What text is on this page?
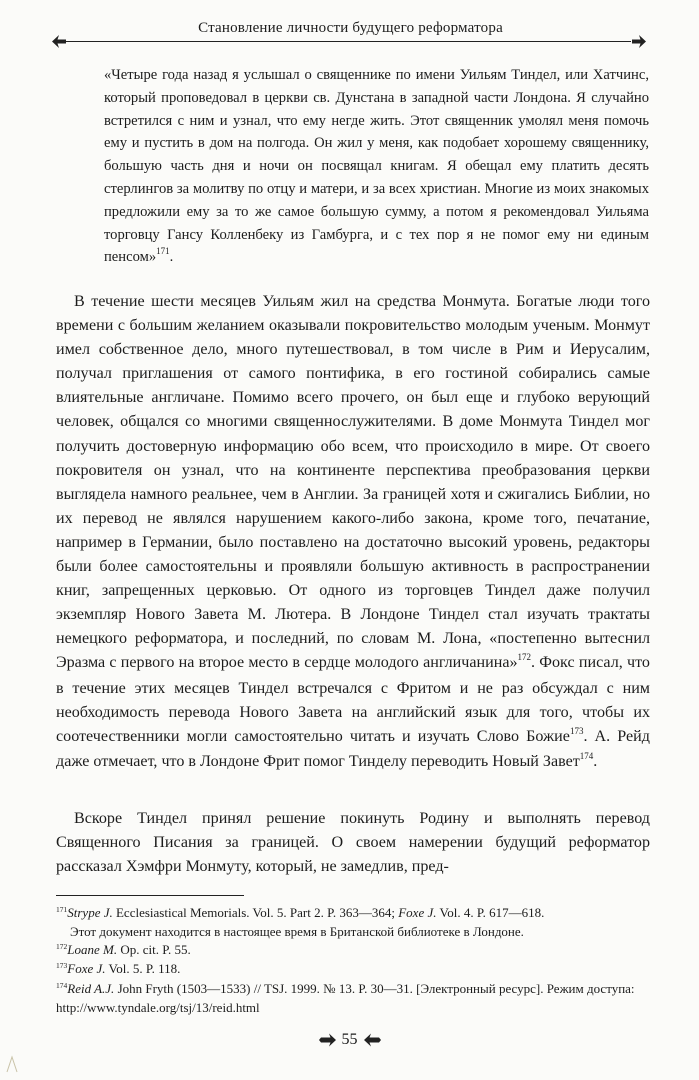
Становление личности будущего реформатора

«Четыре года назад я услышал о священнике по имени Уильям Тиндел, или Хатчинс, который проповедовал в церкви св. Дунстана в западной части Лондона. Я случайно встретился с ним и узнал, что ему негде жить. Этот священник умолял меня помочь ему и пустить в дом на полгода. Он жил у меня, как подобает хорошему священнику, большую часть дня и ночи он посвящал книгам. Я обещал ему платить десять стерлингов за молитву по отцу и матери, и за всех христиан. Многие из моих знакомых предложили ему за то же самое большую сумму, а потом я рекомендовал Уильяма торговцу Гансу Колленбеку из Гамбурга, и с тех пор я не помог ему ни единым пенсом»$^{171}$.

В течение шести месяцев Уильям жил на средства Монмута. Богатые люди того времени с большим желанием оказывали покровительство молодым ученым. Монмут имел собственное дело, много путешествовал, в том числе в Рим и Иерусалим, получал приглашения от самого понтифика, в его гостиной собирались самые влиятельные англичане. Помимо всего прочего, он был еще и глубоко верующий человек, общался со многими священнослужителями. В доме Монмута Тиндел мог получить достоверную информацию обо всем, что происходило в мире. От своего покровителя он узнал, что на континенте перспектива преобразования церкви выглядела намного реальнее, чем в Англии. За границей хотя и сжигались Библии, но их перевод не являлся нарушением какого-либо закона, кроме того, печатание, например в Германии, было поставлено на достаточно высокий уровень, редакторы были более самостоятельны и проявляли большую активность в распространении книг, запрещенных церковью. От одного из торговцев Тиндел даже получил экземпляр Нового Завета М. Лютера. В Лондоне Тиндел стал изучать трактаты немецкого реформатора, и последний, по словам М. Лона, «постепенно вытеснил Эразма с первого на второе место в сердце молодого англичанина»$^{172}$. Фокс писал, что в течение этих месяцев Тиндел встречался с Фритом и не раз обсуждал с ним необходимость перевода Нового Завета на английский язык для того, чтобы их соотечественники могли самостоятельно читать и изучать Слово Божие$^{173}$. А. Рейд даже отмечает, что в Лондоне Фрит помог Тинделу переводить Новый Завет$^{174}$.

Вскоре Тиндел принял решение покинуть Родину и выполнять перевод Священного Писания за границей. О своем намерении будущий реформатор рассказал Хэмфри Монмуту, который, не замедлив, пред-

$^{171}$Strype J. Ecclesiastical Memorials. Vol. 5. Part 2. P. 363—364; Foxe J. Vol. 4. P. 617—618.

Этот документ находится в настоящее время в Британской библиотеке в Лондоне.

$^{172}$Loane M. Op. cit. P. 55.

$^{173}$Foxe J. Vol. 5. P. 118.

$^{174}$Reid A.J. John Fryth (1503—1533) // TSJ. 1999. № 13. P. 30—31. [Электронный ресурс]. Режим доступа: http://www.tyndale.org/tsj/13/reid.html

55
